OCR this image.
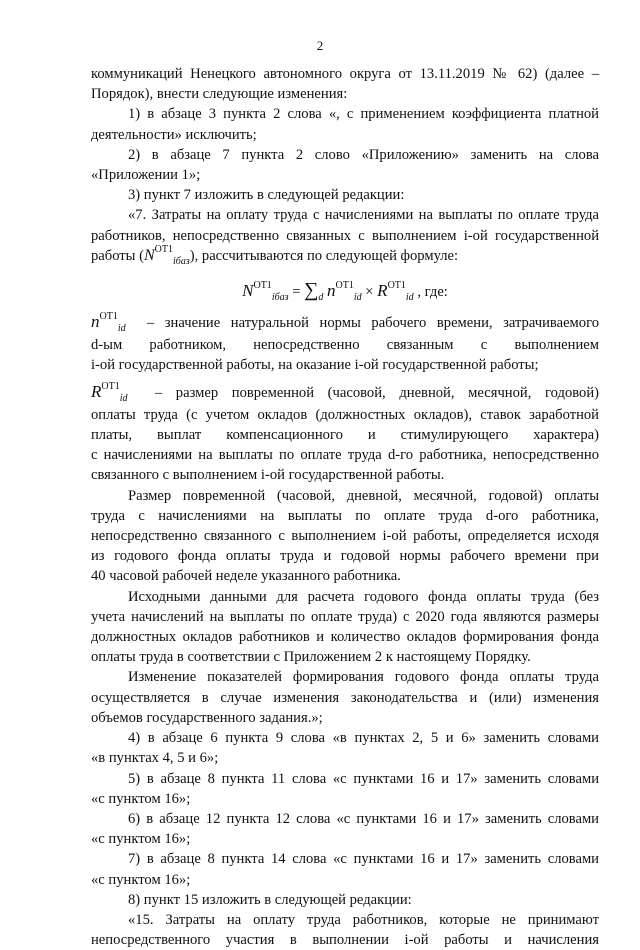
2

коммуникаций Ненецкого автономного округа от 13.11.2019 № 62) (далее –

Порядок), внести следующие изменения:

1) в абзаце 3 пункта 2 слова «, с применением коэффициента платной

деятельности» исключить;

2) в абзаце 7 пункта 2 слово «Приложению» заменить на слова

«Приложении 1»;

3) пункт 7 изложить в следующей редакции:

«7. Затраты на оплату труда с начислениями на выплаты по оплате труда

работников, непосредственно связанных с выполнением i-ой государственной

работы $(N^{ОТ1}_{iбаз})$, рассчитываются по следующей формуле:

$N^{ОТ1}_{iбаз} = \sum_d$ $n^{ОТ1}_{id} \times R^{ОТ1}_{id}$ , где:

$n^{ОТ1}_{id}$ – значение натуральной нормы рабочего времени, затрачиваемого

d-ым работником, непосредственно связанным с выполнением

i-ой государственной работы, на оказание i-ой государственной работы;

$R^{ОТ1}_{id}$ – размер повременной (часовой, дневной, месячной, годовой)

оплаты труда (с учетом окладов (должностных окладов), ставок заработной

платы, выплат компенсационного и стимулирующего характера)

с начислениями на выплаты по оплате труда d-го работника, непосредственно

связанного с выполнением i-ой государственной работы.

Размер повременной (часовой, дневной, месячной, годовой) оплаты

труда с начислениями на выплаты по оплате труда d-ого работника,

непосредственно связанного с выполнением i-ой работы, определяется исходя

из годового фонда оплаты труда и годовой нормы рабочего времени при

40 часовой рабочей неделе указанного работника.

Исходными данными для расчета годового фонда оплаты труда (без

учета начислений на выплаты по оплате труда) с 2020 года являются размеры

должностных окладов работников и количество окладов формирования фонда

оплаты труда в соответствии с Приложением 2 к настоящему Порядку.

Изменение показателей формирования годового фонда оплаты труда

осуществляется в случае изменения законодательства и (или) изменения

объемов государственного задания.»;

4) в абзаце 6 пункта 9 слова «в пунктах 2, 5 и 6» заменить словами

«в пунктах 4, 5 и 6»;

5) в абзаце 8 пункта 11 слова «с пунктами 16 и 17» заменить словами

«с пунктом 16»;

6) в абзаце 12 пункта 12 слова «с пунктами 16 и 17» заменить словами

«с пунктом 16»;

7) в абзаце 8 пункта 14 слова «с пунктами 16 и 17» заменить словами

«с пунктом 16»;

8) пункт 15 изложить в следующей редакции:

«15. Затраты на оплату труда работников, которые не принимают

непосредственного участия в выполнении i-ой работы и начисления
